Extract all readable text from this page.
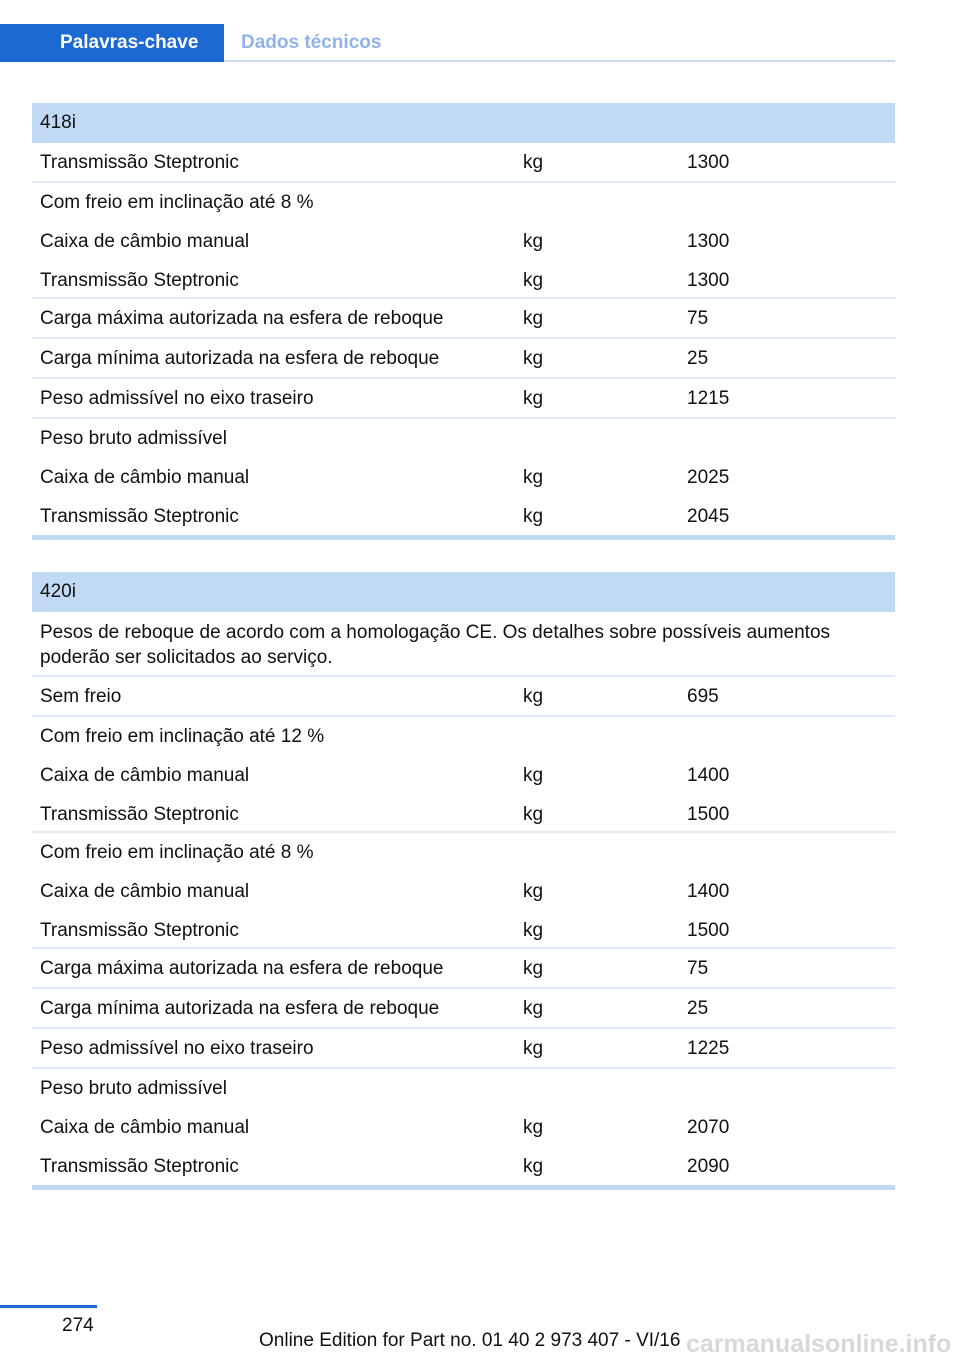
Palavras-chave	Dados técnicos
418i
Transmissão Steptronic	kg	1300
Com freio em inclinação até 8 %
Caixa de câmbio manual	kg	1300
Transmissão Steptronic	kg	1300
Carga máxima autorizada na esfera de reboque	kg	75
Carga mínima autorizada na esfera de reboque	kg	25
Peso admissível no eixo traseiro	kg	1215
Peso bruto admissível
Caixa de câmbio manual	kg	2025
Transmissão Steptronic	kg	2045
420i
Pesos de reboque de acordo com a homologação CE. Os detalhes sobre possíveis aumentos poderão ser solicitados ao serviço.
Sem freio	kg	695
Com freio em inclinação até 12 %
Caixa de câmbio manual	kg	1400
Transmissão Steptronic	kg	1500
Com freio em inclinação até 8 %
Caixa de câmbio manual	kg	1400
Transmissão Steptronic	kg	1500
Carga máxima autorizada na esfera de reboque	kg	75
Carga mínima autorizada na esfera de reboque	kg	25
Peso admissível no eixo traseiro	kg	1225
Peso bruto admissível
Caixa de câmbio manual	kg	2070
Transmissão Steptronic	kg	2090
274
Online Edition for Part no. 01 40 2 973 407 - VI/16 carmanualsonline.info
